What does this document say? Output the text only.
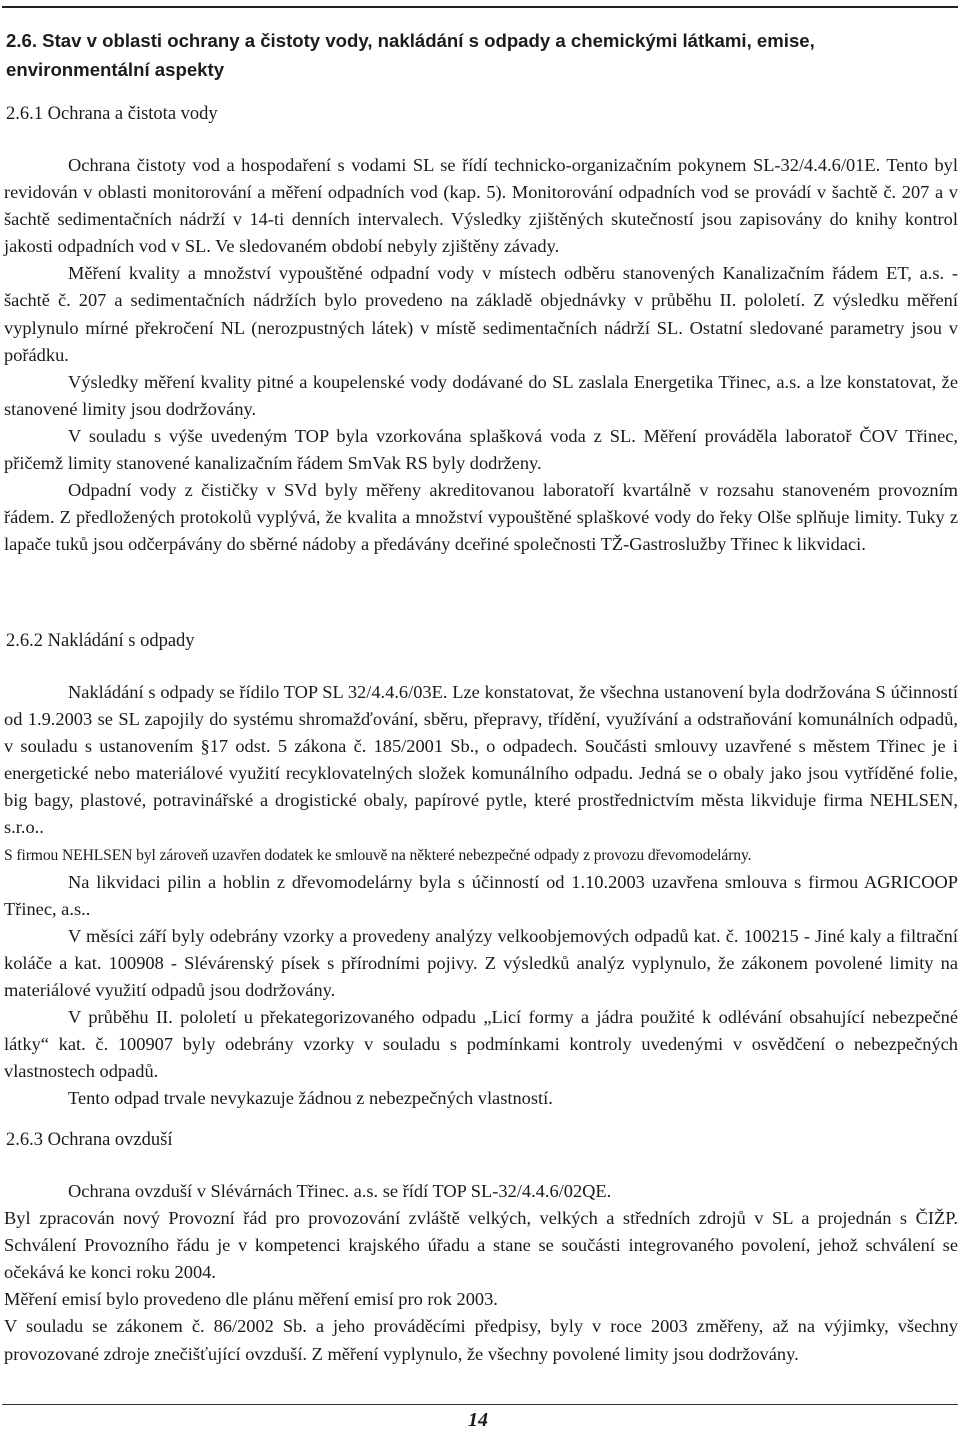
2.6. Stav v oblasti ochrany a čistoty vody, nakládání s odpady a chemickými látkami, emise, environmentální aspekty
2.6.1 Ochrana a čistota vody

Ochrana čistoty vod a hospodaření s vodami SL se řídí technicko-organizačním pokynem SL-32/4.4.6/01E. Tento byl revidován v oblasti monitorování a měření odpadních vod (kap. 5). Monitorování odpadních vod se provádí v šachtě č. 207 a v šachtě sedimentačních nádrží v 14-ti denních intervalech. Výsledky zjištěných skutečností jsou zapisovány do knihy kontrol jakosti odpadních vod v SL. Ve sledovaném období nebyly zjištěny závady.

Měření kvality a množství vypouštěné odpadní vody v místech odběru stanovených Kanalizačním řádem ET, a.s. - šachtě č. 207 a sedimentačních nádržích bylo provedeno na základě objednávky v průběhu II. pololetí. Z výsledku měření vyplynulo mírné překročení NL (nerozpustných látek) v místě sedimentačních nádrží SL. Ostatní sledované parametry jsou v pořádku.

Výsledky měření kvality pitné a koupelenské vody dodávané do SL zaslala Energetika Třinec, a.s. a lze konstatovat, že stanovené limity jsou dodržovány.

V souladu s výše uvedeným TOP byla vzorkována splašková voda z SL. Měření prováděla laboratoř ČOV Třinec, přičemž limity stanovené kanalizačním řádem SmVak RS byly dodrženy.

Odpadní vody z čističky v SVd byly měřeny akreditovanou laboratoří kvartálně v rozsahu stanoveném provozním řádem. Z předložených protokolů vyplývá, že kvalita a množství vypouštěné splaškové vody do řeky Olše splňuje limity. Tuky z lapače tuků jsou odčerpávány do sběrné nádoby a předávány dceřiné společnosti TŽ-Gastroslužby Třinec k likvidaci.

2.6.2 Nakládání s odpady

Nakládání s odpady se řídilo TOP SL 32/4.4.6/03E. Lze konstatovat, že všechna ustanovení byla dodržována S účinností od 1.9.2003 se SL zapojily do systému shromažďování, sběru, přepravy, třídění, využívání a odstraňování komunálních odpadů, v souladu s ustanovením §17 odst. 5 zákona č. 185/2001 Sb., o odpadech. Součásti smlouvy uzavřené s městem Třinec je i energetické nebo materiálové využití recyklovatelných složek komunálního odpadu. Jedná se o obaly jako jsou vytříděné folie, big bagy, plastové, potravinářské a drogistické obaly, papírové pytle, které prostřednictvím města likviduje firma NEHLSEN, s.r.o..

S firmou NEHLSEN byl zároveň uzavřen dodatek ke smlouvě na některé nebezpečné odpady z provozu dřevomodelárny.

Na likvidaci pilin a hoblin z dřevomodelárny byla s účinností od 1.10.2003 uzavřena smlouva s firmou AGRICOOP Třinec, a.s..

V měsíci září byly odebrány vzorky a provedeny analýzy velkoobjemových odpadů kat. č. 100215 - Jiné kaly a filtrační koláče a kat. 100908 - Slévárenský písek s přírodními pojivy. Z výsledků analýz vyplynulo, že zákonem povolené limity na materiálové využití odpadů jsou dodržovány.

V průběhu II. pololetí u překategorizovaného odpadu „Licí formy a jádra použité k odlévání obsahující nebezpečné látky“ kat. č. 100907 byly odebrány vzorky v souladu s podmínkami kontroly uvedenými v osvědčení o nebezpečných vlastnostech odpadů.

Tento odpad trvale nevykazuje žádnou z nebezpečných vlastností.

2.6.3 Ochrana ovzduší

Ochrana ovzduší v Slévárnách Třinec. a.s. se řídí TOP SL-32/4.4.6/02QE.

Byl zpracován nový Provozní řád pro provozování zvláště velkých, velkých a středních zdrojů v SL a projednán s ČIŽP. Schválení Provozního řádu je v kompetenci krajského úřadu a stane se součásti integrovaného povolení, jehož schválení se očekává ke konci roku 2004.

Měření emisí bylo provedeno dle plánu měření emisí pro rok 2003.

V souladu se zákonem č. 86/2002 Sb. a jeho prováděcími předpisy, byly v roce 2003 změřeny, až na výjimky, všechny provozované zdroje znečišťující ovzduší. Z měření vyplynulo, že všechny povolené limity jsou dodržovány.

14
